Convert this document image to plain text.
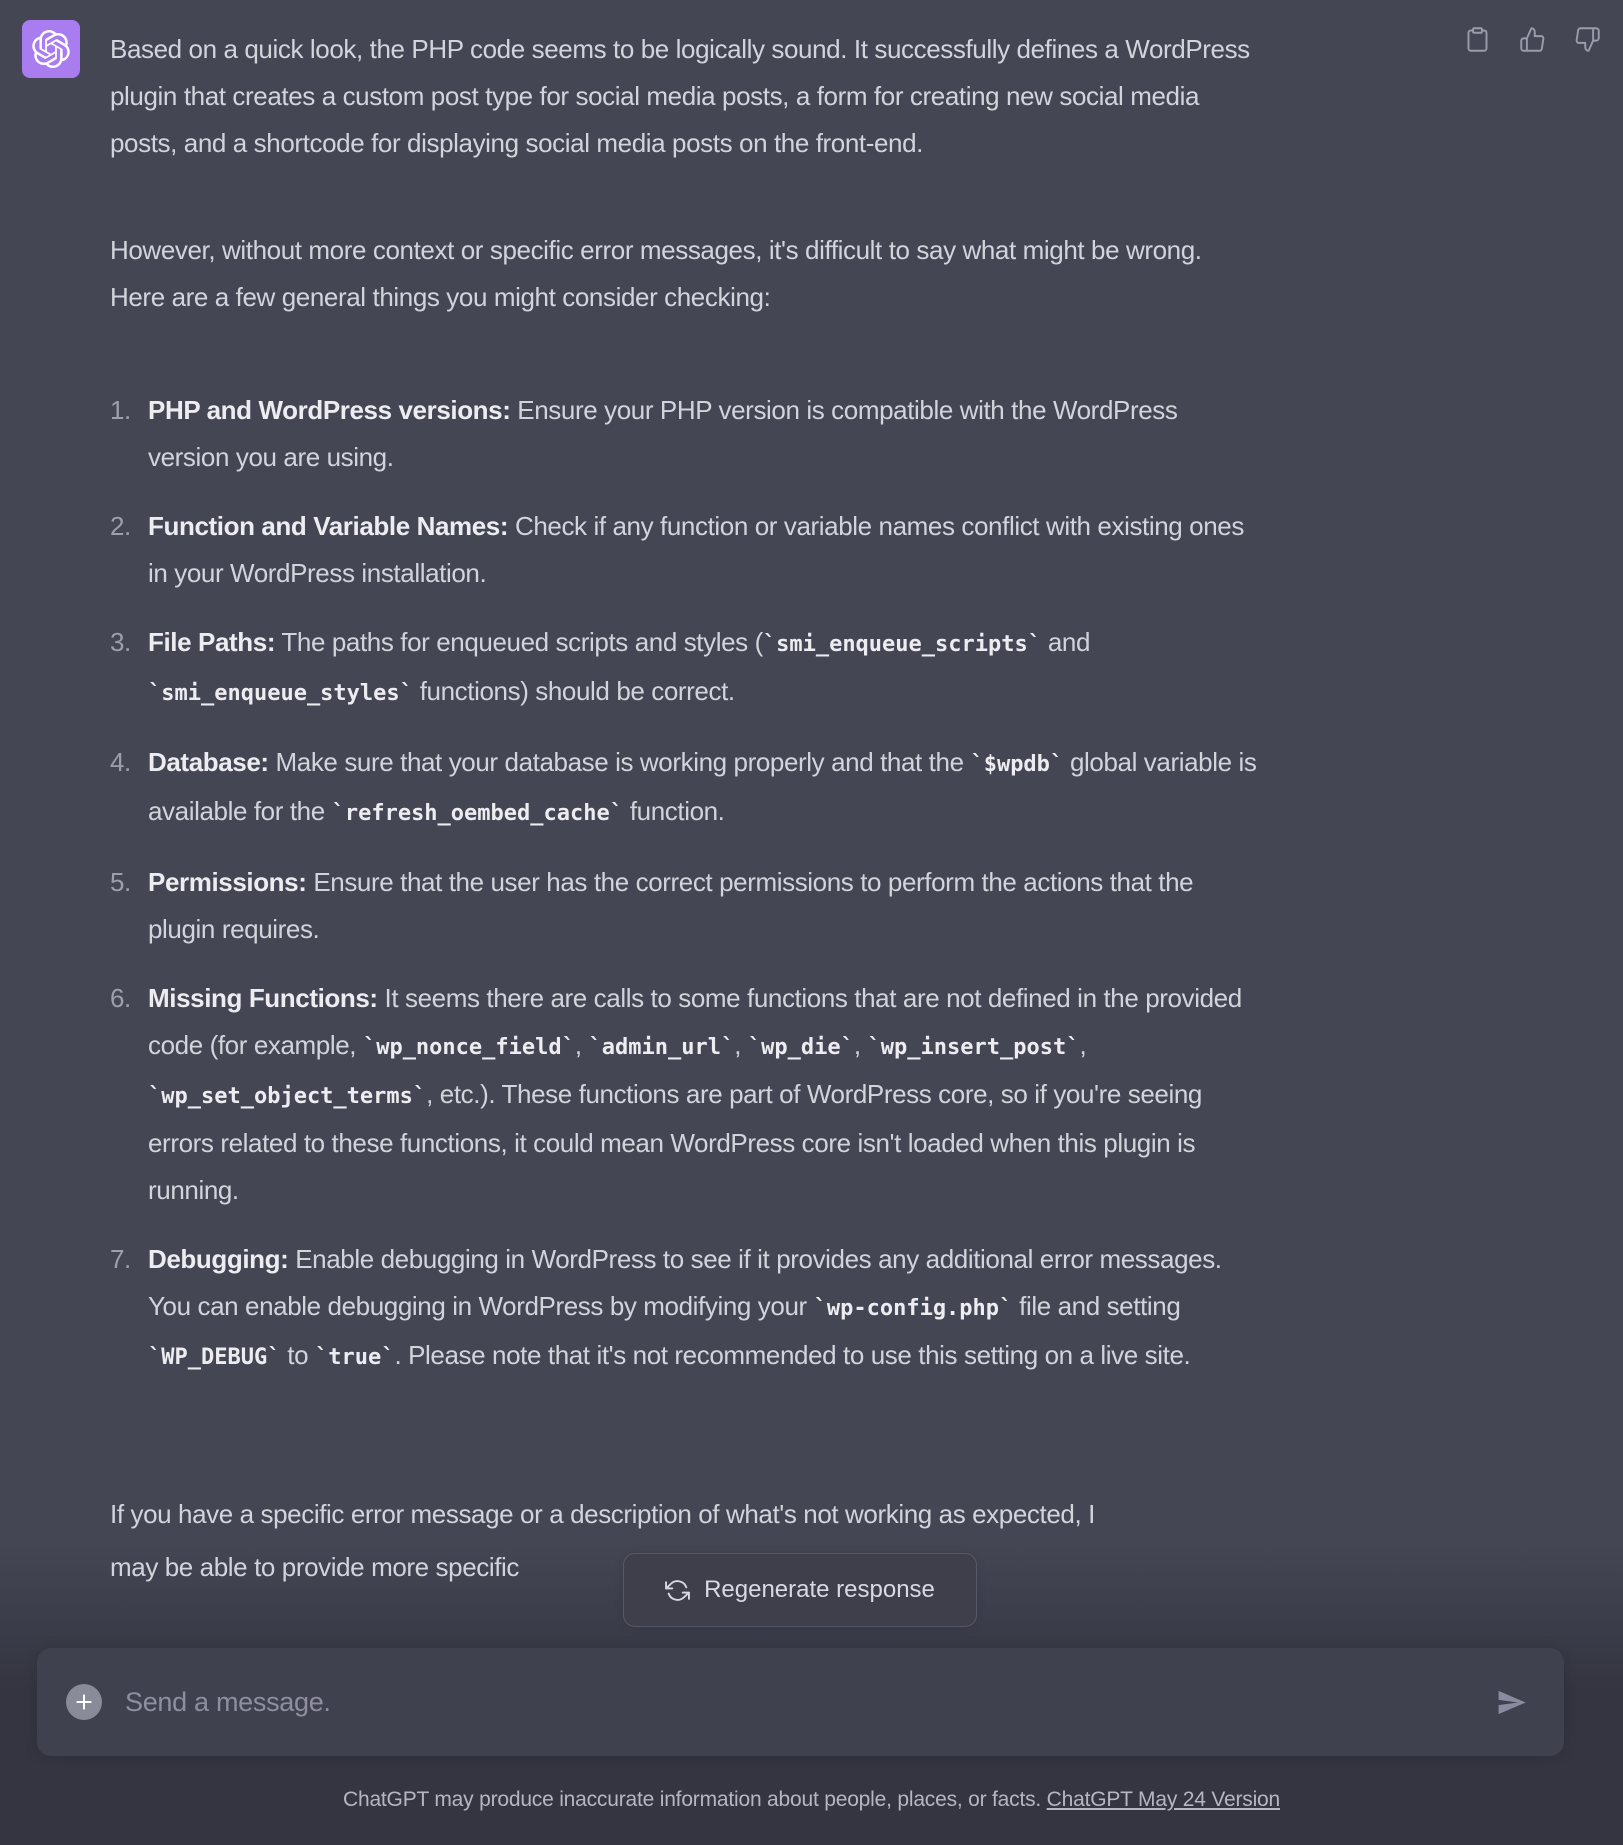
Based on a quick look, the PHP code seems to be logically sound. It successfully defines a WordPress plugin that creates a custom post type for social media posts, a form for creating new social media posts, and a shortcode for displaying social media posts on the front-end.

However, without more context or specific error messages, it's difficult to say what might be wrong. Here are a few general things you might consider checking:

1. PHP and WordPress versions: Ensure your PHP version is compatible with the WordPress version you are using.
2. Function and Variable Names: Check if any function or variable names conflict with existing ones in your WordPress installation.
3. File Paths: The paths for enqueued scripts and styles (`smi_enqueue_scripts` and `smi_enqueue_styles` functions) should be correct.
4. Database: Make sure that your database is working properly and that the `$wpdb` global variable is available for the `refresh_oembed_cache` function.
5. Permissions: Ensure that the user has the correct permissions to perform the actions that the plugin requires.
6. Missing Functions: It seems there are calls to some functions that are not defined in the provided code (for example, `wp_nonce_field`, `admin_url`, `wp_die`, `wp_insert_post`, `wp_set_object_terms`, etc.). These functions are part of WordPress core, so if you're seeing errors related to these functions, it could mean WordPress core isn't loaded when this plugin is running.
7. Debugging: Enable debugging in WordPress to see if it provides any additional error messages. You can enable debugging in WordPress by modifying your `wp-config.php` file and setting `WP_DEBUG` to `true`. Please note that it's not recommended to use this setting on a live site.
If you have a specific error message or a description of what's not working as expected, I
may be able to provide more specific
Regenerate response
Send a message.
ChatGPT may produce inaccurate information about people, places, or facts. ChatGPT May 24 Version
